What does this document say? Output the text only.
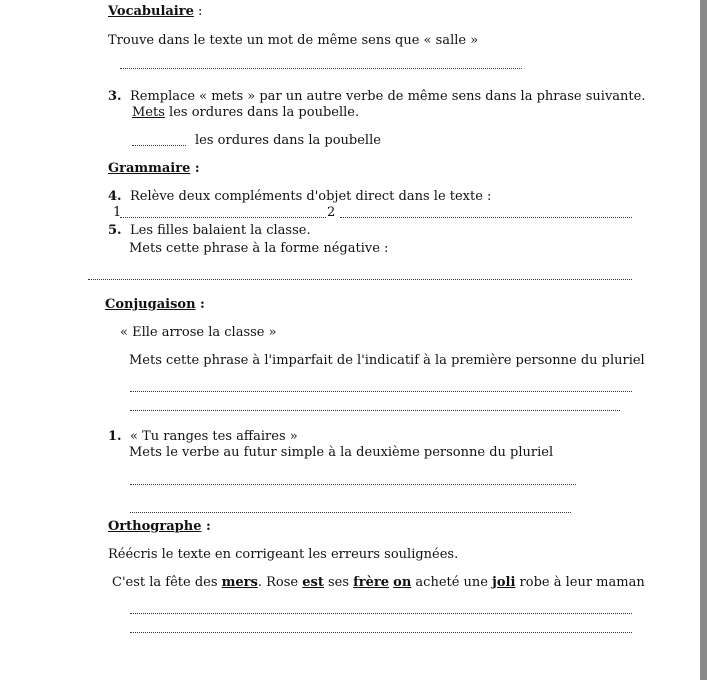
Vocabulaire :
Trouve dans le texte un mot de même sens que « salle »
3. Remplace « mets » par un autre verbe de même sens dans la phrase suivante.
Mets les ordures dans la poubelle.
les ordures dans la poubelle
Grammaire :
4. Relève deux compléments d'objet direct dans le texte :
1	2
5. Les filles balaient la classe.
Mets cette phrase à la forme négative :
Conjugaison :
« Elle arrose la classe »
Mets cette phrase à l'imparfait de l'indicatif à la première personne du pluriel
1. « Tu ranges tes affaires »
Mets le verbe au futur simple à la deuxième personne du pluriel
Orthographe :
Réécris le texte en corrigeant les erreurs soulignées.
C'est la fête des mers. Rose est ses frère on acheté une joli robe à leur maman
